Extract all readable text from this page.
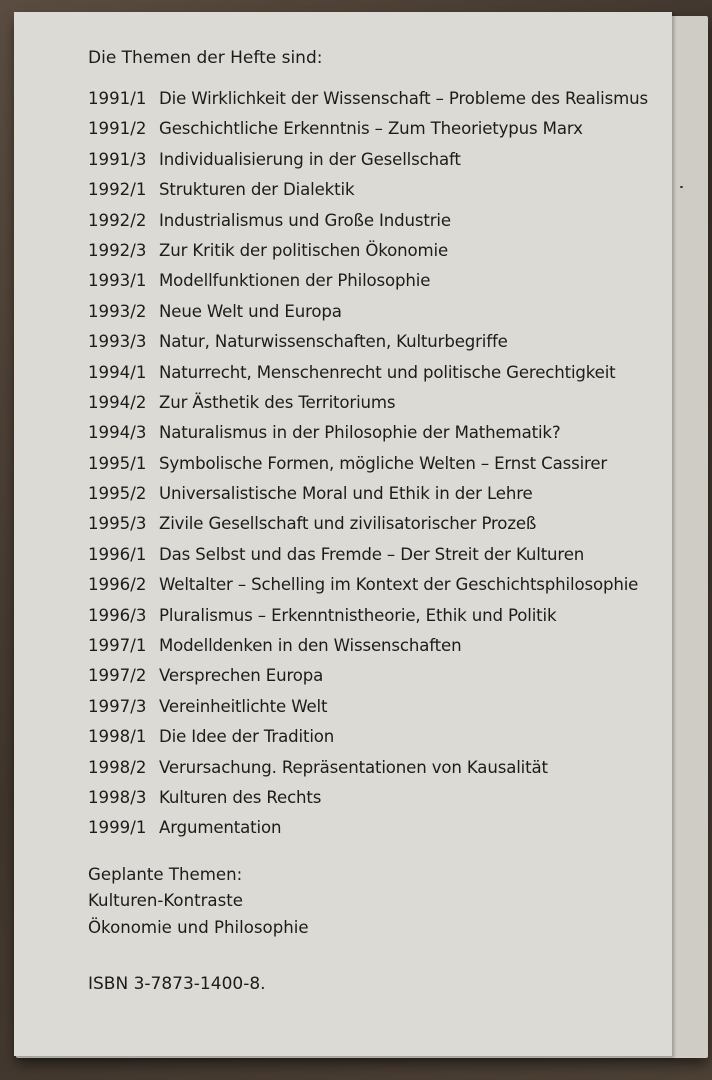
Die Themen der Hefte sind:
1991/1 Die Wirklichkeit der Wissenschaft – Probleme des Realismus
1991/2 Geschichtliche Erkenntnis – Zum Theorietypus Marx
1991/3 Individualisierung in der Gesellschaft
1992/1 Strukturen der Dialektik
1992/2 Industrialismus und Große Industrie
1992/3 Zur Kritik der politischen Ökonomie
1993/1 Modellfunktionen der Philosophie
1993/2 Neue Welt und Europa
1993/3 Natur, Naturwissenschaften, Kulturbegriffe
1994/1 Naturrecht, Menschenrecht und politische Gerechtigkeit
1994/2 Zur Ästhetik des Territoriums
1994/3 Naturalismus in der Philosophie der Mathematik?
1995/1 Symbolische Formen, mögliche Welten – Ernst Cassirer
1995/2 Universalistische Moral und Ethik in der Lehre
1995/3 Zivile Gesellschaft und zivilisatorischer Prozeß
1996/1 Das Selbst und das Fremde – Der Streit der Kulturen
1996/2 Weltalter – Schelling im Kontext der Geschichtsphilosophie
1996/3 Pluralismus – Erkenntnistheorie, Ethik und Politik
1997/1 Modelldenken in den Wissenschaften
1997/2 Versprechen Europa
1997/3 Vereinheitlichte Welt
1998/1 Die Idee der Tradition
1998/2 Verursachung. Repräsentationen von Kausalität
1998/3 Kulturen des Rechts
1999/1 Argumentation
Geplante Themen:
Kulturen-Kontraste
Ökonomie und Philosophie
ISBN 3-7873-1400-8.
